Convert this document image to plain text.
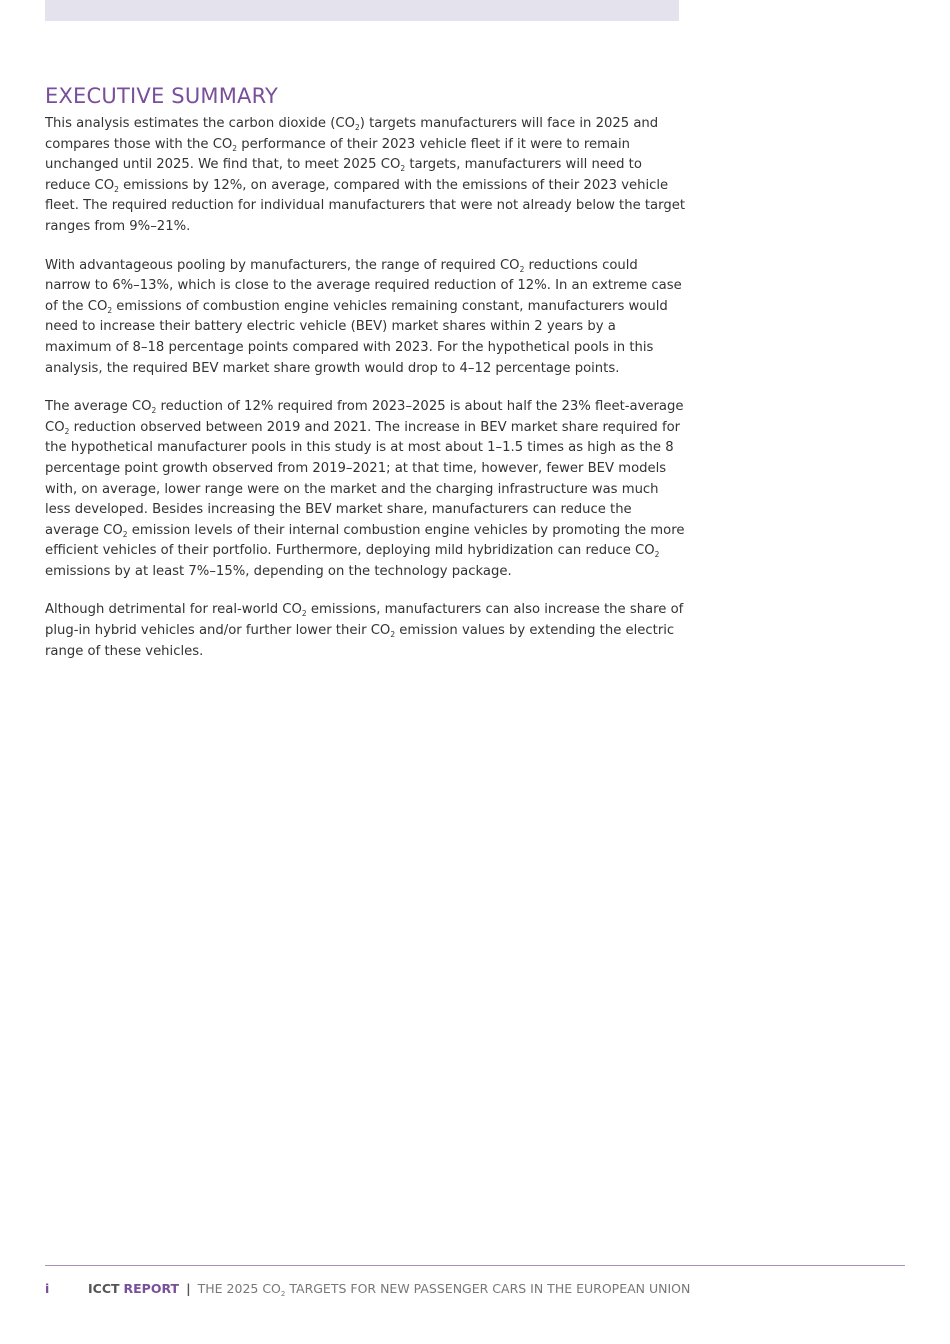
EXECUTIVE SUMMARY

This analysis estimates the carbon dioxide $(CO_2)$ targets manufacturers will face in 2025 and compares those with the $CO_2$ performance of their 2023 vehicle fleet if it were to remain unchanged until 2025. We find that, to meet 2025 $CO_2$ targets, manufacturers will need to reduce $CO_2$ emissions by 12%, on average, compared with the emissions of their 2023 vehicle fleet. The required reduction for individual manufacturers that were not already below the target ranges from 9%–21%.

With advantageous pooling by manufacturers, the range of required $CO_2$ reductions could narrow to 6%–13%, which is close to the average required reduction of 12%. In an extreme case of the $CO_2$ emissions of combustion engine vehicles remaining constant, manufacturers would need to increase their battery electric vehicle (BEV) market shares within 2 years by a maximum of 8–18 percentage points compared with 2023. For the hypothetical pools in this analysis, the required BEV market share growth would drop to 4–12 percentage points.

The average $CO_2$ reduction of 12% required from 2023–2025 is about half the 23% fleet-average $CO_2$ reduction observed between 2019 and 2021. The increase in BEV market share required for the hypothetical manufacturer pools in this study is at most about 1–1.5 times as high as the 8 percentage point growth observed from 2019–2021; at that time, however, fewer BEV models with, on average, lower range were on the market and the charging infrastructure was much less developed. Besides increasing the BEV market share, manufacturers can reduce the average $CO_2$ emission levels of their internal combustion engine vehicles by promoting the more efficient vehicles of their portfolio. Furthermore, deploying mild hybridization can reduce $CO_2$ emissions by at least 7%–15%, depending on the technology package.

Although detrimental for real-world $CO_2$ emissions, manufacturers can also increase the share of plug-in hybrid vehicles and/or further lower their $CO_2$ emission values by extending the electric range of these vehicles.

i	ICCT REPORT | THE 2025 $CO_2$ TARGETS FOR NEW PASSENGER CARS IN THE EUROPEAN UNION
